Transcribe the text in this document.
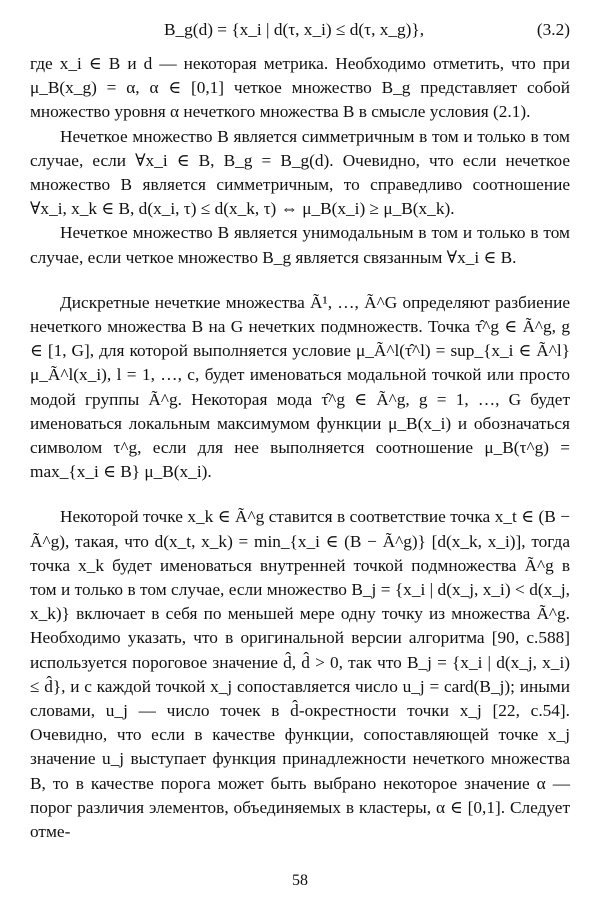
B_g(d) = {x_i | d(τ, x_i) ≤ d(τ, x_g)},	(3.2)

где x_i ∈ B и d — некоторая метрика. Необходимо отметить, что при μ_B(x_g) = α, α ∈ [0,1] четкое множество B_g представляет собой множество уровня α нечеткого множества B в смысле условия (2.1).

Нечеткое множество B является симметричным в том и только в том случае, если ∀x_i ∈ B, B_g = B_g(d). Очевидно, что если нечеткое множество B является симметричным, то справедливо соотношение ∀x_i, x_k ∈ B, d(x_i, τ) ≤ d(x_k, τ) ⇔ μ_B(x_i) ≥ μ_B(x_k).

Нечеткое множество B является унимодальным в том и только в том случае, если четкое множество B_g является связанным ∀x_i ∈ B.

Дискретные нечеткие множества Ã¹, …, Ã^G определяют разбиение нечеткого множества B на G нечетких подмножеств. Точка τ̂^g ∈ Ã^g, g ∈ [1, G], для которой выполняется условие μ_Ã^l(τ̂^l) = sup_{x_i ∈ Ã^l} μ_Ã^l(x_i), l = 1, …, c, будет именоваться модальной точкой или просто модой группы Ã^g. Некоторая мода τ̂^g ∈ Ã^g, g = 1, …, G будет именоваться локальным максимумом функции μ_B(x_i) и обозначаться символом τ^g, если для нее выполняется соотношение μ_B(τ^g) = max_{x_i ∈ B} μ_B(x_i).

Некоторой точке x_k ∈ Ã^g ставится в соответствие точка x_t ∈ (B − Ã^g), такая, что d(x_t, x_k) = min_{x_i ∈ (B − Ã^g)} [d(x_k, x_i)], тогда точка x_k будет именоваться внутренней точкой подмножества Ã^g в том и только в том случае, если множество B_j = {x_i | d(x_j, x_i) < d(x_j, x_k)} включает в себя по меньшей мере одну точку из множества Ã^g. Необходимо указать, что в оригинальной версии алгоритма [90, с.588] используется пороговое значение d̂, d̂ > 0, так что B_j = {x_i | d(x_j, x_i) ≤ d̂}, и с каждой точкой x_j сопоставляется число u_j = card(B_j); иными словами, u_j — число точек в d̂-окрестности точки x_j [22, с.54]. Очевидно, что если в качестве функции, сопоставляющей точке x_j значение u_j выступает функция принадлежности нечеткого множества B, то в качестве порога может быть выбрано некоторое значение α — порог различия элементов, объединяемых в кластеры, α ∈ [0,1]. Следует отме-

58
